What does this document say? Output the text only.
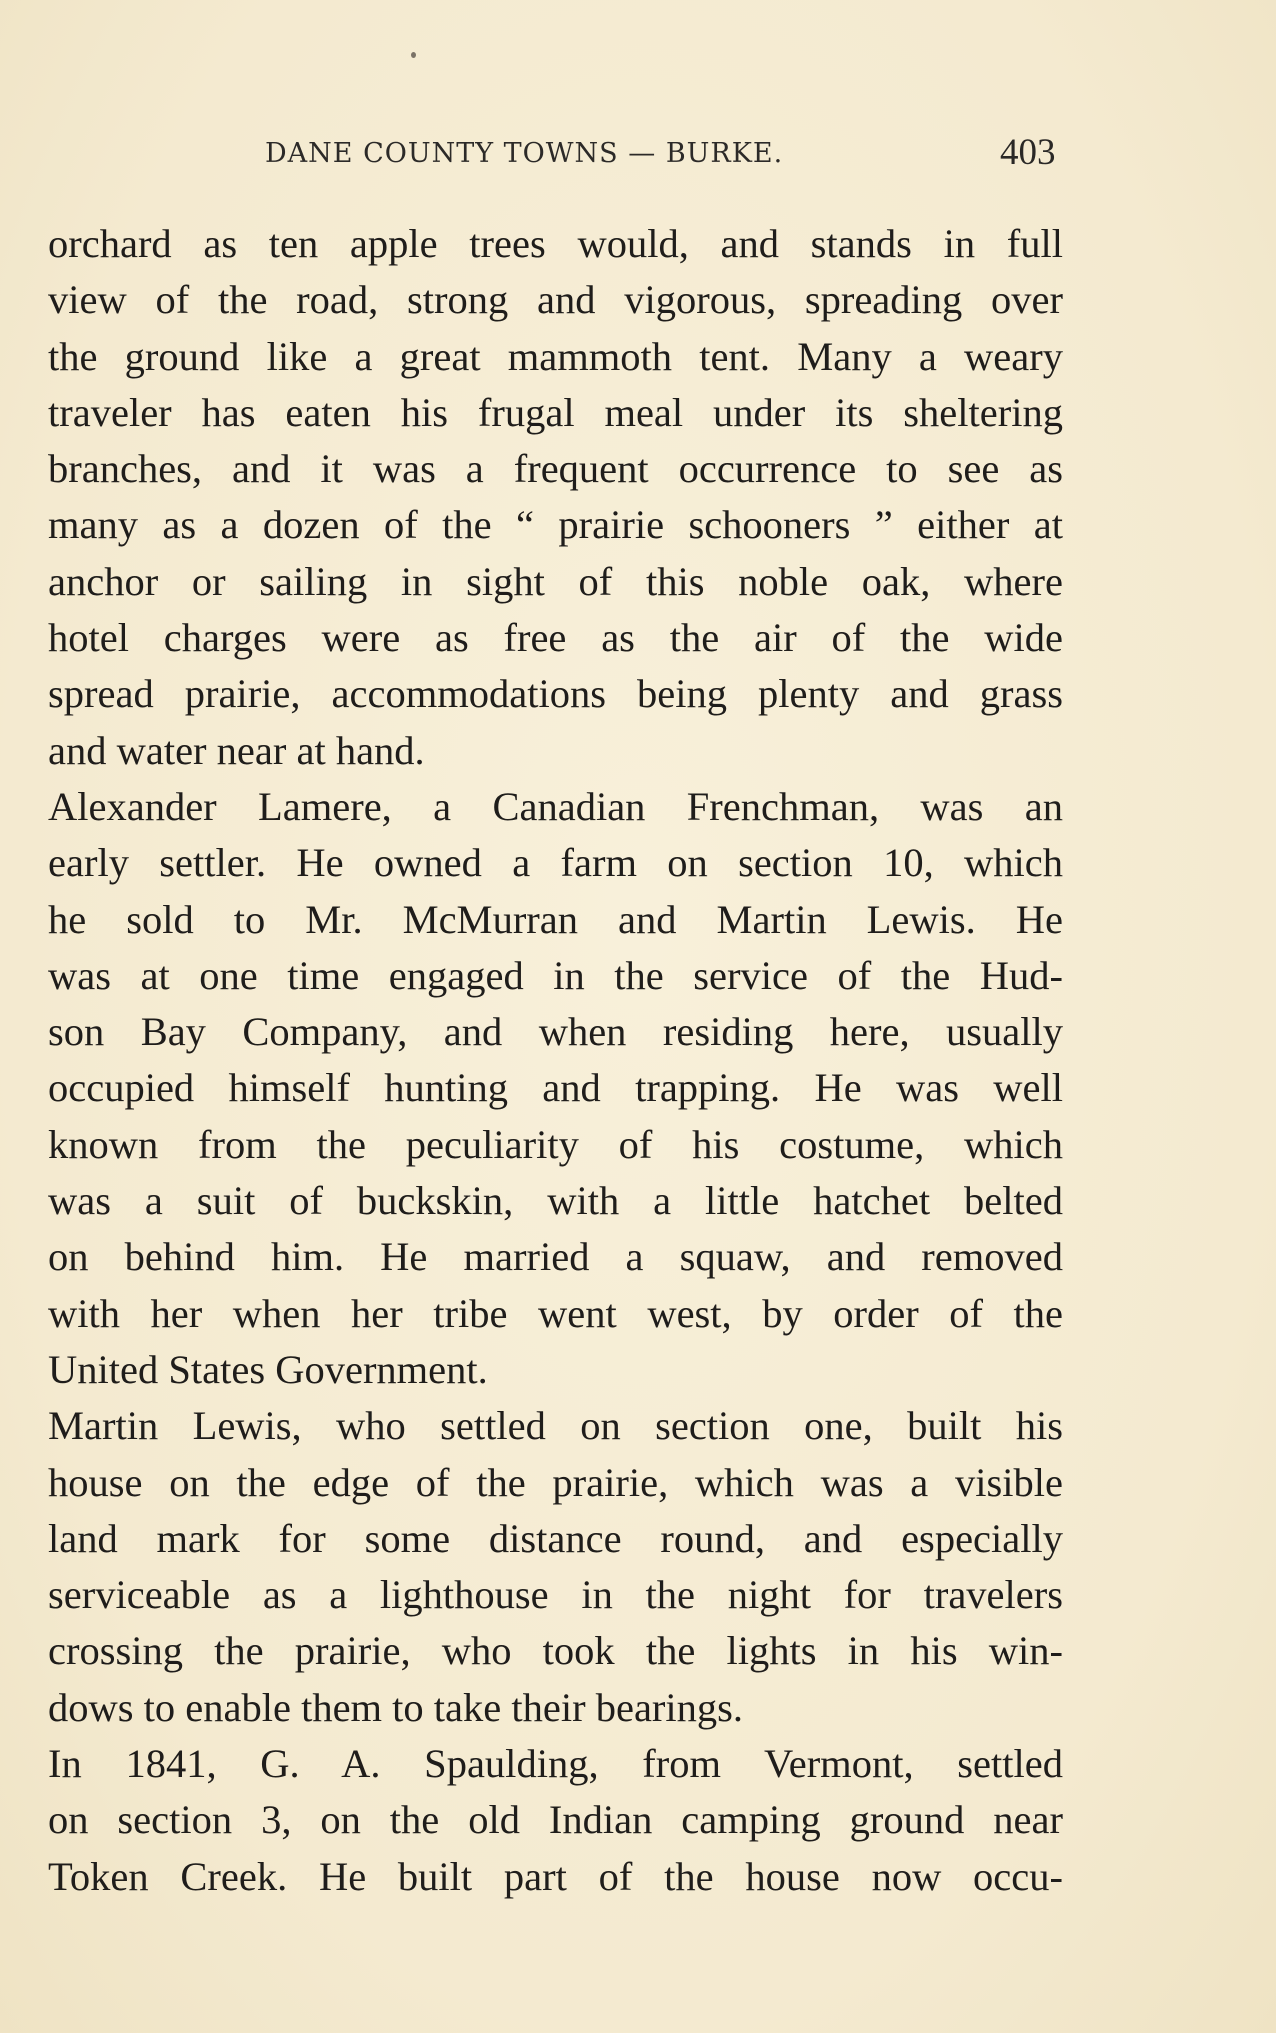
DANE COUNTY TOWNS — BURKE.	403
orchard as ten apple trees would, and stands in full
view of the road, strong and vigorous, spreading over
the ground like a great mammoth tent. Many a weary
traveler has eaten his frugal meal under its sheltering
branches, and it was a frequent occurrence to see as
many as a dozen of the “ prairie schooners ” either at
anchor or sailing in sight of this noble oak, where
hotel charges were as free as the air of the wide
spread prairie, accommodations being plenty and grass
and water near at hand.
Alexander Lamere, a Canadian Frenchman, was an
early settler. He owned a farm on section 10, which
he sold to Mr. McMurran and Martin Lewis. He
was at one time engaged in the service of the Hud-
son Bay Company, and when residing here, usually
occupied himself hunting and trapping. He was well
known from the peculiarity of his costume, which
was a suit of buckskin, with a little hatchet belted
on behind him. He married a squaw, and removed
with her when her tribe went west, by order of the
United States Government.
Martin Lewis, who settled on section one, built his
house on the edge of the prairie, which was a visible
land mark for some distance round, and especially
serviceable as a lighthouse in the night for travelers
crossing the prairie, who took the lights in his win-
dows to enable them to take their bearings.
In 1841, G. A. Spaulding, from Vermont, settled
on section 3, on the old Indian camping ground near
Token Creek. He built part of the house now occu-
